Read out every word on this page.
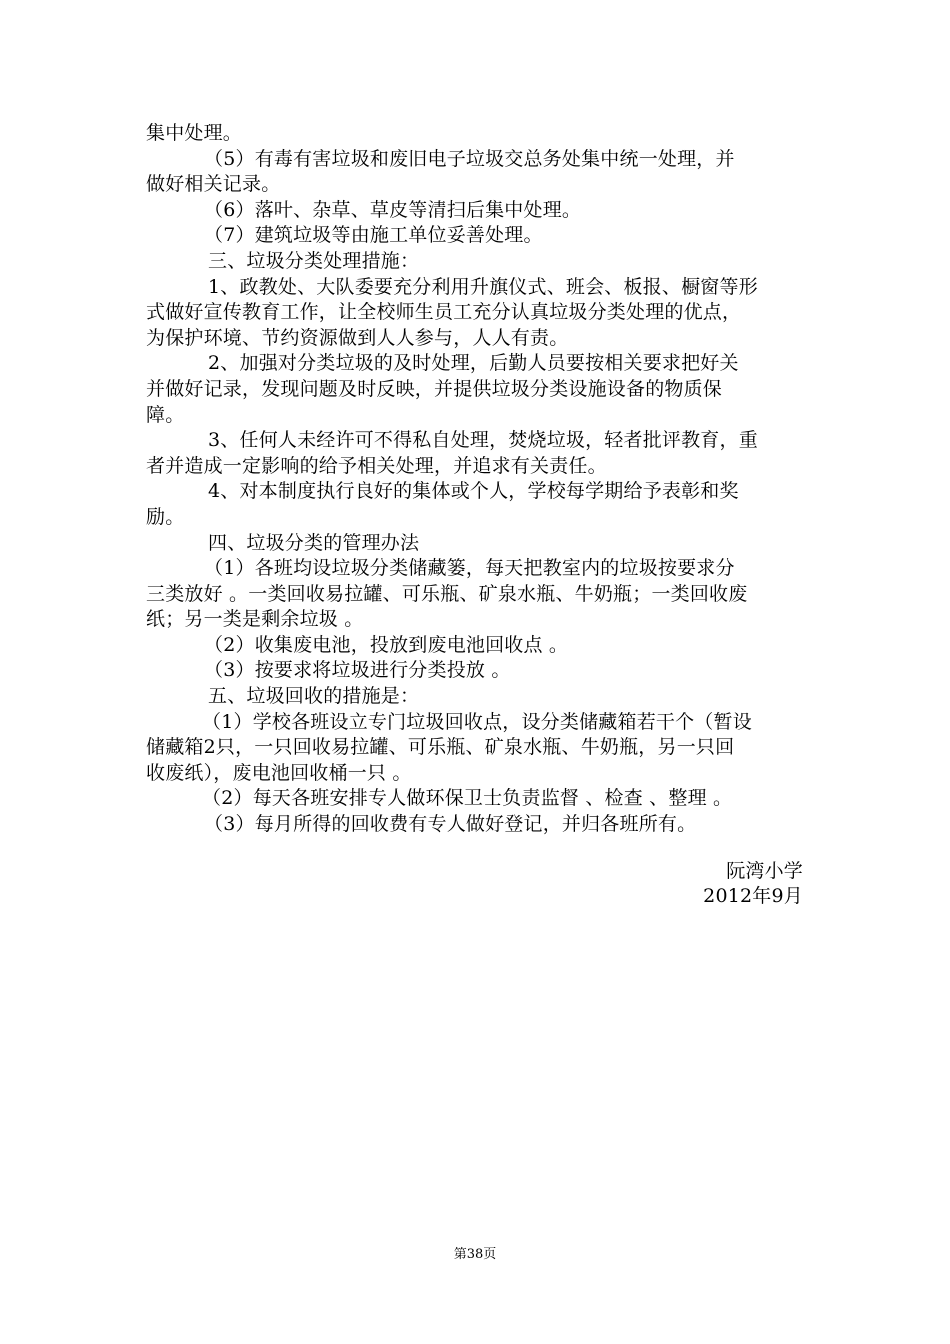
集中处理。
（5）有毒有害垃圾和废旧电子垃圾交总务处集中统一处理，并
做好相关记录。
（6）落叶、杂草、草皮等清扫后集中处理。
（7）建筑垃圾等由施工单位妥善处理。
三、垃圾分类处理措施：
1、政教处、大队委要充分利用升旗仪式、班会、板报、橱窗等形
式做好宣传教育工作，让全校师生员工充分认真垃圾分类处理的优点，
为保护环境、节约资源做到人人参与，人人有责。
2、加强对分类垃圾的及时处理，后勤人员要按相关要求把好关
并做好记录，发现问题及时反映，并提供垃圾分类设施设备的物质保
障。
3、任何人未经许可不得私自处理，焚烧垃圾，轻者批评教育，重
者并造成一定影响的给予相关处理，并追求有关责任。
4、对本制度执行良好的集体或个人，学校每学期给予表彰和奖
励。
四、垃圾分类的管理办法
（1）各班均设垃圾分类储藏篓，每天把教室内的垃圾按要求分
三类放好 。一类回收易拉罐、可乐瓶、矿泉水瓶、牛奶瓶；一类回收废
纸；另一类是剩余垃圾 。
（2）收集废电池，投放到废电池回收点 。
（3）按要求将垃圾进行分类投放 。
五、垃圾回收的措施是：
（1）学校各班设立专门垃圾回收点，设分类储藏箱若干个（暂设
储藏箱2只，一只回收易拉罐、可乐瓶、矿泉水瓶、牛奶瓶，另一只回
收废纸），废电池回收桶一只 。
（2）每天各班安排专人做环保卫士负责监督 、检查 、整理 。
（3）每月所得的回收费有专人做好登记，并归各班所有。
阮湾小学
2012年9月
第38页
